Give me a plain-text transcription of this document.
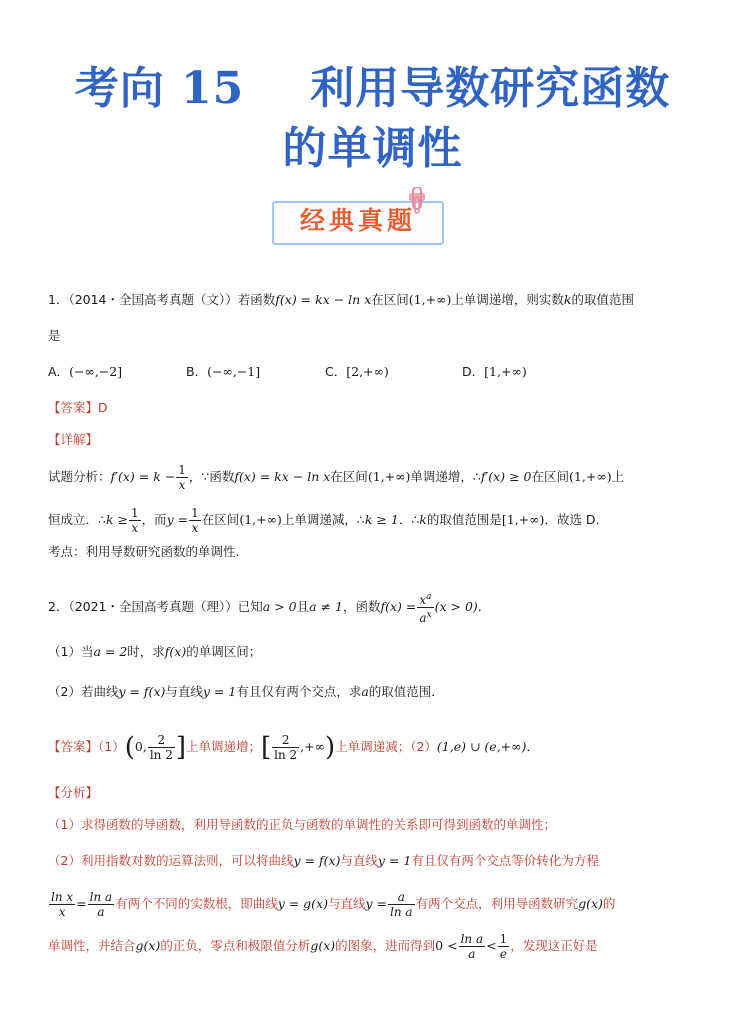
考向 15 利用导数研究函数
的单调性
经典真题
1．（2014・全国高考真题（文））若函数f(x) = kx − ln x在区间(1,+∞)上单调递增，则实数k的取值范围
是
A．(−∞,−2]	B．(−∞,−1]	C．[2,+∞)	D．[1,+∞)
【答案】D
【详解】
试题分析：$f'(x) = k - \frac{1}{x}$ ，∵函数f(x) = kx − ln x在区间(1,+∞)单调递增，∴f′(x) ≥ 0在区间(1,+∞)上
恒成立．∴k ≥ $\frac{1}{x}$ ，而$y = \frac{1}{x}$ 在区间(1,+∞)上单调递减，∴k ≥ 1．∴k的取值范围是[1,+∞)．故选 D．
考点：利用导数研究函数的单调性.
2．（2021・全国高考真题（理））已知a > 0且a ≠ 1，函数$f(x) = \frac{x^a}{a^x} (x > 0)$．
（1）当a = 2时，求f(x)的单调区间；
（2）若曲线y = f(x)与直线y = 1有且仅有两个交点，求a的取值范围．
【答案】（1）(0, $\frac{2}{\ln 2}$ ]上单调递增；[ $\frac{2}{\ln 2}$ ,+∞)上单调递减；（2）(1,e) ∪ (e,+∞)．
【分析】
（1）求得函数的导函数，利用导函数的正负与函数的单调性的关系即可得到函数的单调性；
（2）利用指数对数的运算法则，可以将曲线y = f(x)与直线y = 1有且仅有两个交点等价转化为方程
$\frac{\text{ln x}}{x} = \frac{\text{ln a}}{a}$ 有两个不同的实数根，即曲线y = g(x)与直线$y = \frac{a}{\text{ln a}}$ 有两个交点，利用导函数研究g(x)的
单调性，并结合g(x)的正负，零点和极限值分析g(x)的图象，进而得到$0 < \frac{\text{ln a}}{a} < \frac{1}{e}$ ，发现这正好是
